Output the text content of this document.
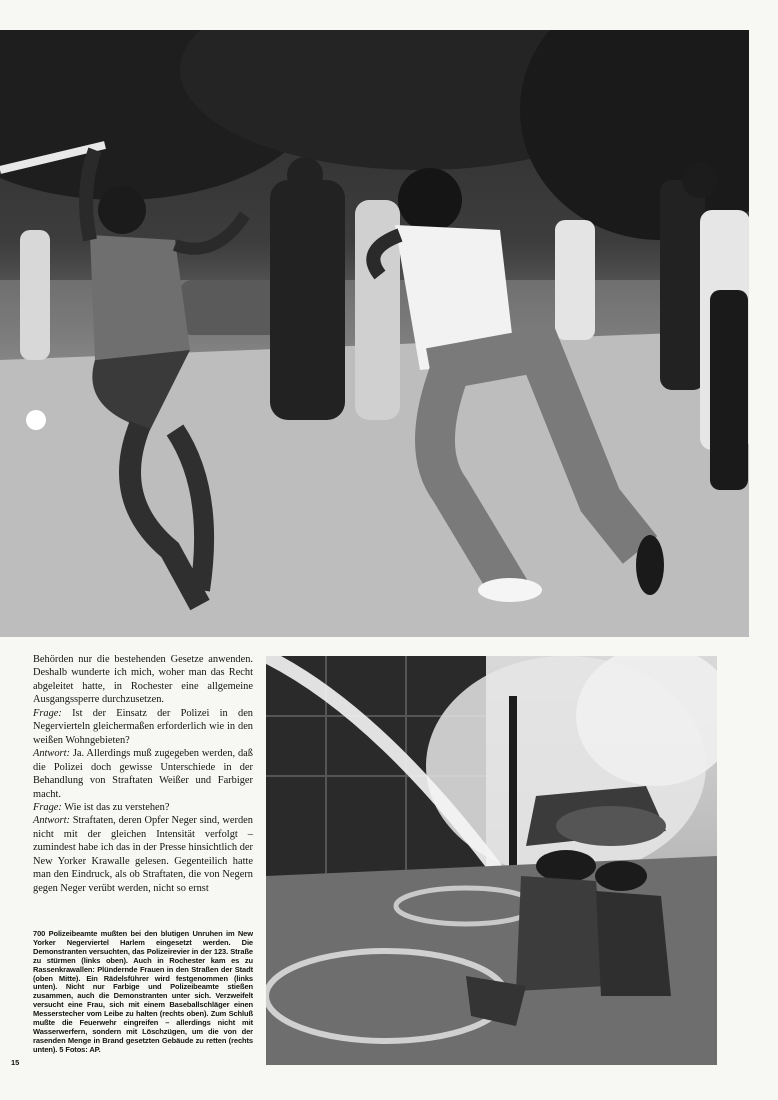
Behörden nur die bestehenden Gesetze anwenden. Deshalb wunderte ich mich, woher man das Recht abgeleitet hatte, in Rochester eine allgemeine Ausgangssperre durchzusetzen.

Frage: Ist der Einsatz der Polizei in den Negervierteln gleichermaßen erforderlich wie in den weißen Wohngebieten?

Antwort: Ja. Allerdings muß zugegeben werden, daß die Polizei doch gewisse Unterschiede in der Behandlung von Straftaten Weißer und Farbiger macht.

Frage: Wie ist das zu verstehen?

Antwort: Straftaten, deren Opfer Neger sind, werden nicht mit der gleichen Intensität verfolgt – zumindest habe ich das in der Presse hinsichtlich der New Yorker Krawalle gelesen. Gegenteilich hatte man den Eindruck, als ob Straftaten, die von Negern gegen Neger verübt werden, nicht so ernst

700 Polizeibeamte mußten bei den blutigen Unruhen im New Yorker Negerviertel Harlem eingesetzt werden. Die Demonstranten versuchten, das Polizeirevier in der 123. Straße zu stürmen (links oben). Auch in Rochester kam es zu Rassenkrawallen: Plündernde Frauen in den Straßen der Stadt (oben Mitte). Ein Rädelsführer wird festgenommen (links unten). Nicht nur Farbige und Polizeibeamte stießen zusammen, auch die Demonstranten unter sich. Verzweifelt versucht eine Frau, sich mit einem Baseballschläger einen Messerstecher vom Leibe zu halten (rechts oben). Zum Schluß mußte die Feuerwehr eingreifen – allerdings nicht mit Wasserwerfern, sondern mit Löschzügen, um die von der rasenden Menge in Brand gesetzten Gebäude zu retten (rechts unten). 5 Fotos: AP.
15
